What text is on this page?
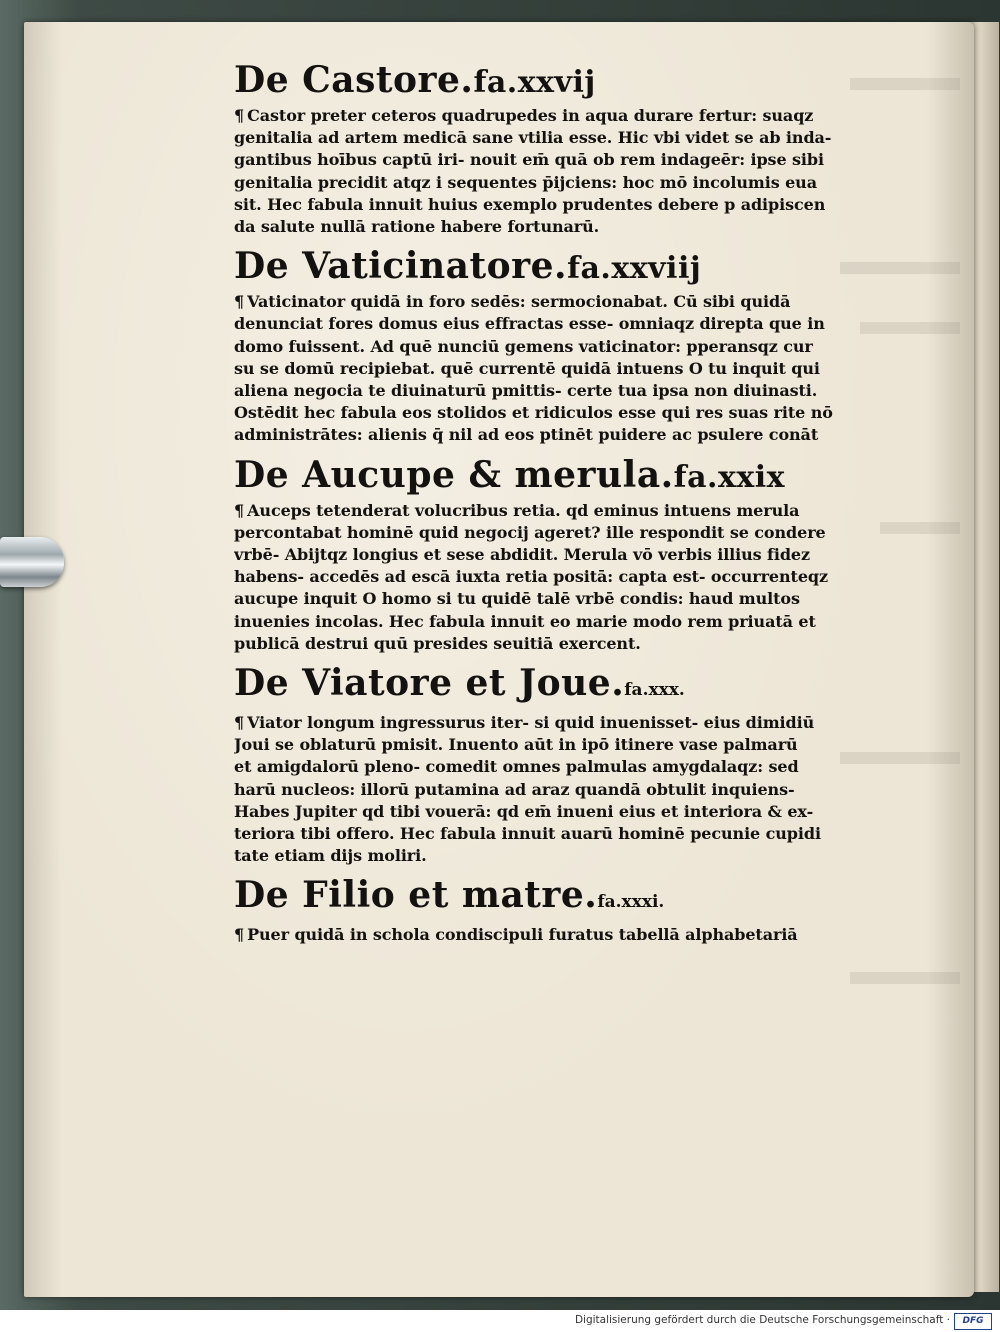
De Castore.fa.xxvij
¶ Castor preter ceteros quadrupedes in aqua durare fertur: suaqz
genitalia ad artem medicā sane vtilia esse. Hic vbi videt se ab inda-
gantibus hoībus captū iri- nouit em̄ quā ob rem indageēr: ipse sibi
genitalia precidit atqz i sequentes p̄ijciens: hoc mō incolumis eua
sit. Hec fabula innuit huius exemplo prudentes debere p adipiscen
da salute nullā ratione habere fortunarū.
De Vaticinatore.fa.xxviij
¶ Vaticinator quidā in foro sedēs: sermocionabat. Cū sibi quidā
denunciat fores domus eius effractas esse- omniaqz direpta que in
domo fuissent. Ad quē nunciū gemens vaticinator: pperansqz cur
su se domū recipiebat. quē currentē quidā intuens O tu inquit qui
aliena negocia te diuinaturū pmittis- certe tua ipsa non diuinasti.
Ostēdit hec fabula eos stolidos et ridiculos esse qui res suas rite nō
administrātes: alienis q̄ nil ad eos ptinēt puidere ac psulere conāt
De Aucupe & merula.fa.xxix
¶ Auceps tetenderat volucribus retia. qd eminus intuens merula
percontabat hominē quid negocij ageret? ille respondit se condere
vrbē- Abijtqz longius et sese abdidit. Merula vō verbis illius fidez
habens- accedēs ad escā iuxta retia positā: capta est- occurrenteqz
aucupe inquit O homo si tu quidē talē vrbē condis: haud multos
inuenies incolas. Hec fabula innuit eo marie modo rem priuatā et
publicā destrui quū presides seuitiā exercent.
De Viatore et Joue.fa.xxx.
¶ Viator longum ingressurus iter- si quid inuenisset- eius dimidiū
Joui se oblaturū pmisit. Inuento aūt in ipō itinere vase palmarū
et amigdalorū pleno- comedit omnes palmulas amygdalaqz: sed
harū nucleos: illorū putamina ad araz quandā obtulit inquiens-
Habes Jupiter qd tibi vouerā: qd em̄ inueni eius et interiora & ex-
teriora tibi offero. Hec fabula innuit auarū hominē pecunie cupidi
tate etiam dijs moliri.
De Filio et matre.fa.xxxi.
¶ Puer quidā in schola condiscipuli furatus tabellā alphabetariā
Digitalisierung gefördert durch die Deutsche Forschungsgemeinschaft ·	DFG
